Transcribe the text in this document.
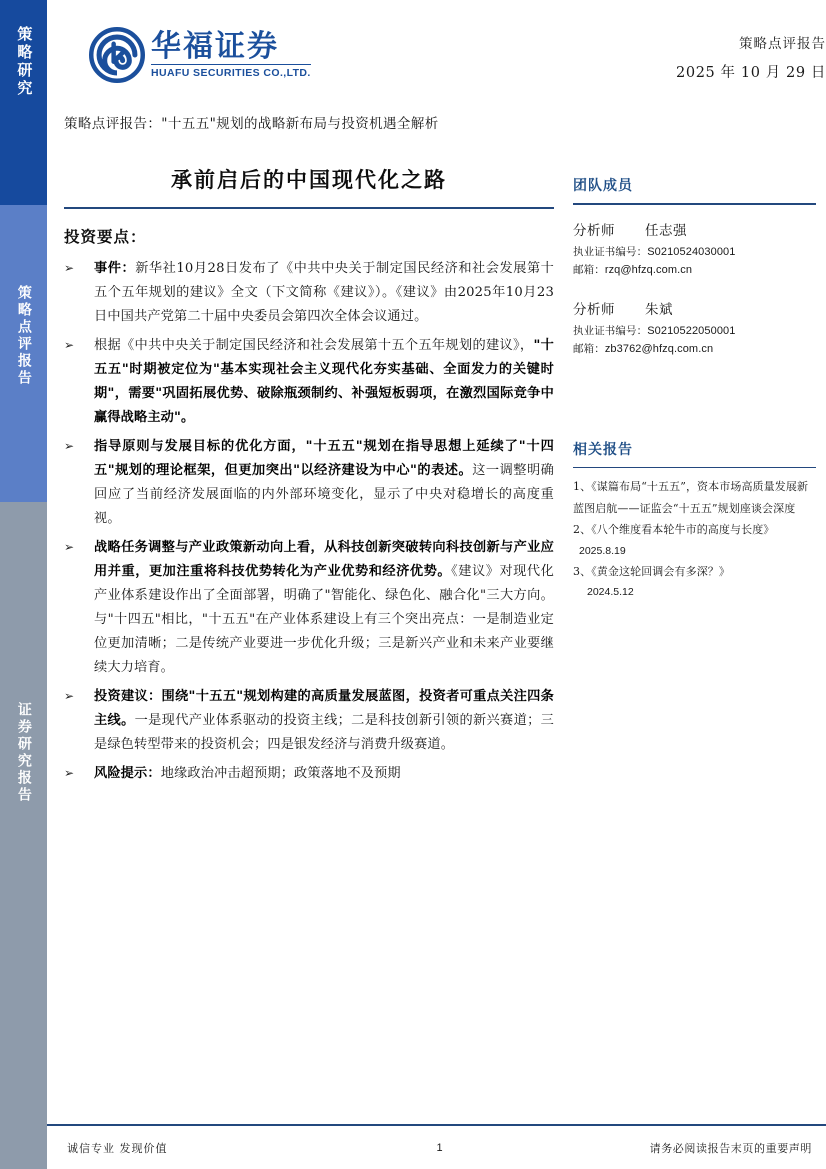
策略研究
策略点评报告
证券研究报告
华福证券
HUAFU SECURITIES CO.,LTD.
策略点评报告
2025 年 10 月 29 日
策略点评报告："十五五"规划的战略新布局与投资机遇全解析
承前启后的中国现代化之路
投资要点：
➢	事件：新华社10月28日发布了《中共中央关于制定国民经济和社会发展第十五个五年规划的建议》全文（下文简称《建议》）。《建议》由2025年10月23日中国共产党第二十届中央委员会第四次全体会议通过。
➢	根据《中共中央关于制定国民经济和社会发展第十五个五年规划的建议》，"十五五"时期被定位为"基本实现社会主义现代化夯实基础、全面发力的关键时期"，需要"巩固拓展优势、破除瓶颈制约、补强短板弱项，在激烈国际竞争中赢得战略主动"。
➢	指导原则与发展目标的优化方面，"十五五"规划在指导思想上延续了"十四五"规划的理论框架，但更加突出"以经济建设为中心"的表述。这一调整明确回应了当前经济发展面临的内外部环境变化，显示了中央对稳增长的高度重视。
➢	战略任务调整与产业政策新动向上看，从科技创新突破转向科技创新与产业应用并重，更加注重将科技优势转化为产业优势和经济优势。《建议》对现代化产业体系建设作出了全面部署，明确了"智能化、绿色化、融合化"三大方向。与"十四五"相比，"十五五"在产业体系建设上有三个突出亮点：一是制造业定位更加清晰；二是传统产业要进一步优化升级；三是新兴产业和未来产业要继续大力培育。
➢	投资建议：围绕"十五五"规划构建的高质量发展蓝图，投资者可重点关注四条主线。一是现代产业体系驱动的投资主线；二是科技创新引领的新兴赛道；三是绿色转型带来的投资机会；四是银发经济与消费升级赛道。
➢	风险提示：地缘政治冲击超预期；政策落地不及预期
团队成员
分析师 任志强
执业证书编号：S0210524030001
邮箱：rzq@hfzq.com.cn
分析师 朱斌
执业证书编号：S0210522050001
邮箱：zb3762@hfzq.com.cn
相关报告
1、《谋篇布局“十五五”，资本市场高质量发展新蓝图启航——证监会“十五五”规划座谈会深度
2、《八个维度看本轮牛市的高度与长度》
2025.8.19
3、《黄金这轮回调会有多深？》
2024.5.12
诚信专业 发现价值	1	请务必阅读报告末页的重要声明
